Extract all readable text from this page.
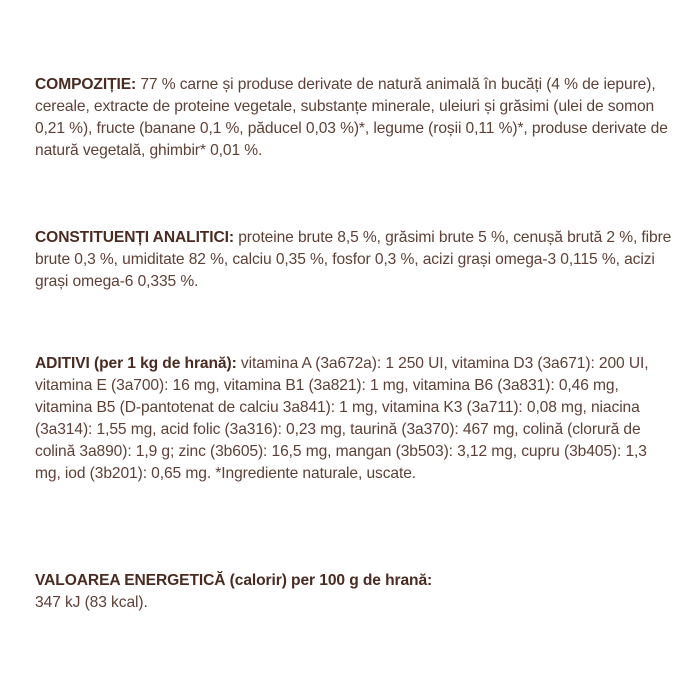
COMPOZIȚIE: 77 % carne și produse derivate de natură animală în bucăți (4 % de iepure), cereale, extracte de proteine vegetale, substanțe minerale, uleiuri și grăsimi (ulei de somon 0,21 %), fructe (banane 0,1 %, păducel 0,03 %)*, legume (roșii 0,11 %)*, produse derivate de natură vegetală, ghimbir* 0,01 %.
CONSTITUENȚI ANALITICI: proteine brute 8,5 %, grăsimi brute 5 %, cenușă brută 2 %, fibre brute 0,3 %, umiditate 82 %, calciu 0,35 %, fosfor 0,3 %, acizi grași omega-3 0,115 %, acizi grași omega-6 0,335 %.
ADITIVI (per 1 kg de hrană): vitamina A (3a672a): 1 250 UI, vitamina D3 (3a671): 200 UI, vitamina E (3a700): 16 mg, vitamina B1 (3a821): 1 mg, vitamina B6 (3a831): 0,46 mg, vitamina B5 (D-pantotenat de calciu 3a841): 1 mg, vitamina K3 (3a711): 0,08 mg, niacina (3a314): 1,55 mg, acid folic (3a316): 0,23 mg, taurină (3a370): 467 mg, colină (clorură de colină 3a890): 1,9 g; zinc (3b605): 16,5 mg, mangan (3b503): 3,12 mg, cupru (3b405): 1,3 mg, iod (3b201): 0,65 mg. *Ingrediente naturale, uscate.
VALOAREA ENERGETICĂ (calorir) per 100 g de hrană:
347 kJ (83 kcal).
